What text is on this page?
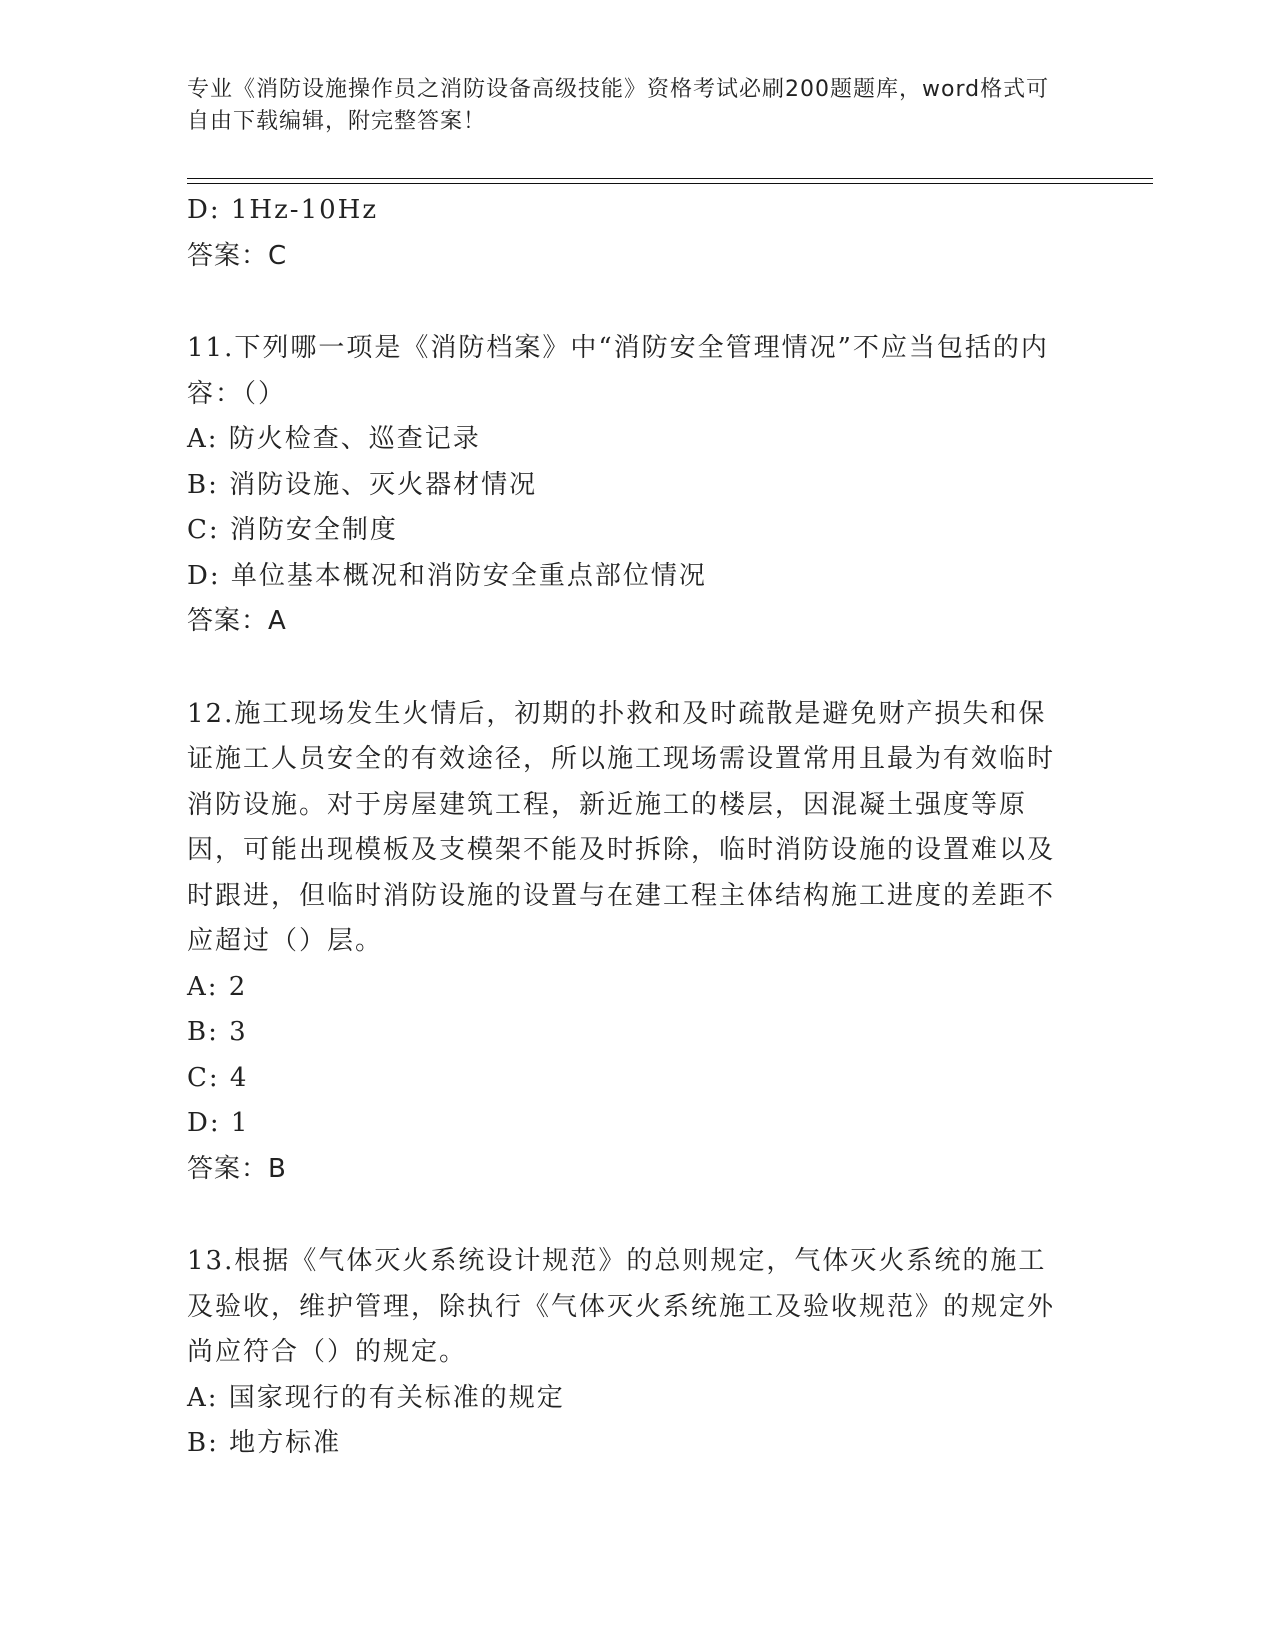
专业《消防设施操作员之消防设备高级技能》资格考试必刷200题题库，word格式可自由下载编辑，附完整答案！

D: 1Hz-10Hz

答案：C

11.下列哪一项是《消防档案》中“消防安全管理情况”不应当包括的内容：（）

A: 防火检查、巡查记录

B: 消防设施、灭火器材情况

C: 消防安全制度

D: 单位基本概况和消防安全重点部位情况

答案：A

12.施工现场发生火情后，初期的扑救和及时疏散是避免财产损失和保证施工人员安全的有效途径，所以施工现场需设置常用且最为有效临时消防设施。对于房屋建筑工程，新近施工的楼层，因混凝土强度等原因，可能出现模板及支模架不能及时拆除，临时消防设施的设置难以及时跟进，但临时消防设施的设置与在建工程主体结构施工进度的差距不应超过（）层。

A: 2

B: 3

C: 4

D: 1

答案：B

13.根据《气体灭火系统设计规范》的总则规定，气体灭火系统的施工及验收，维护管理，除执行《气体灭火系统施工及验收规范》的规定外尚应符合（）的规定。

A: 国家现行的有关标准的规定

B: 地方标准
